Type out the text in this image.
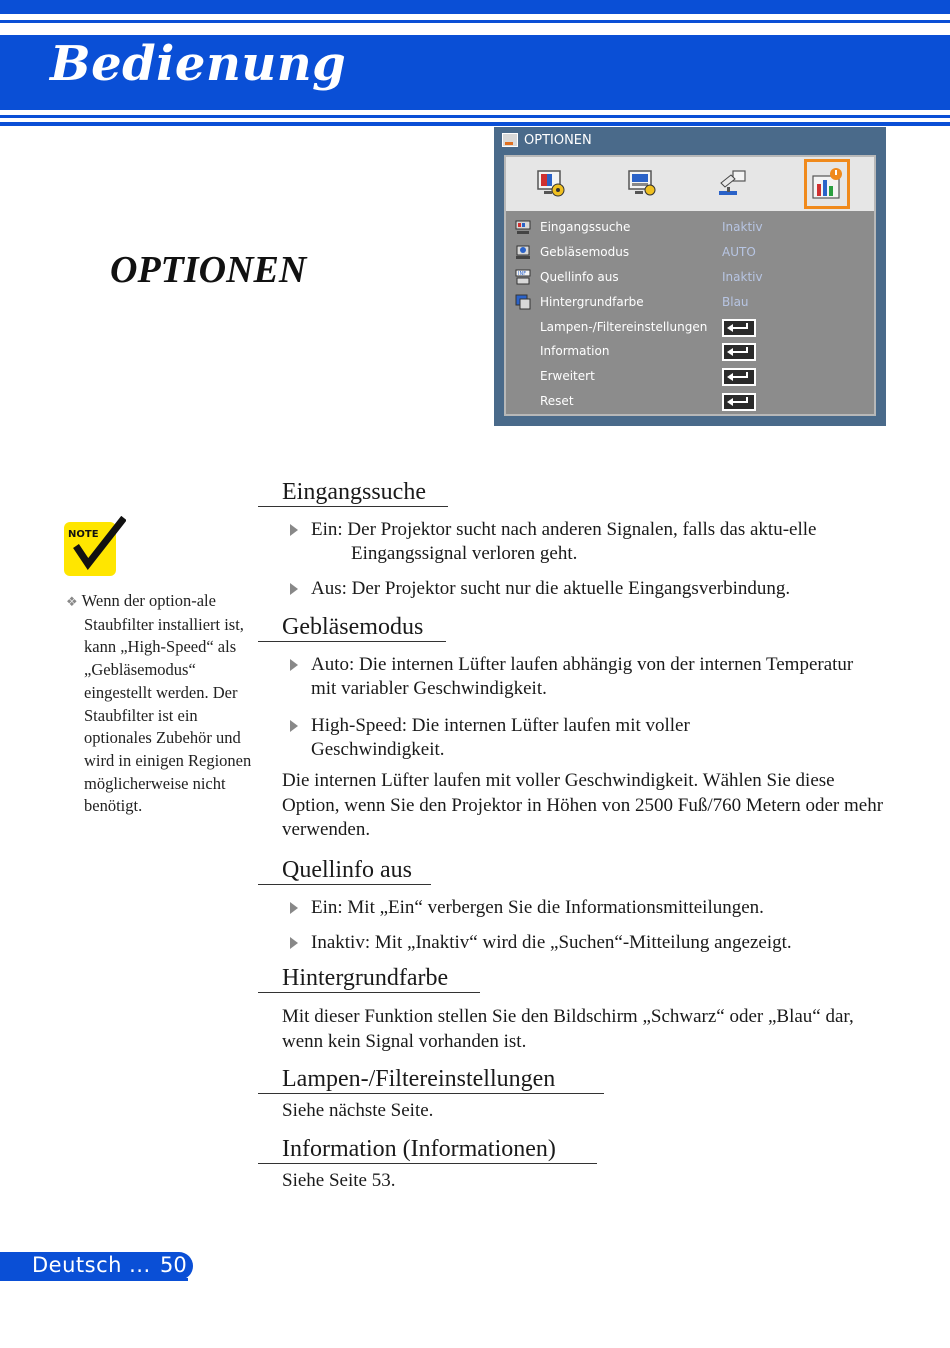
Bedienung
OPTIONEN
OPTIONEN
Eingangssuche	Inaktiv
Gebläsemodus	AUTO
INF Quellinfo aus	Inaktiv
Hintergrundfarbe	Blau
Lampen-/Filtereinstellungen
Information
Erweitert
Reset
NOTE
❖ Wenn der option-ale Staubfilter installiert ist, kann „High-Speed“ als „Gebläsemodus“ eingestellt werden. Der Staubfilter ist ein optionales Zubehör und wird in einigen Regionen möglicherweise nicht benötigt.
Eingangssuche
Ein: Der Projektor sucht nach anderen Signalen, falls das aktu-elle Eingangssignal verloren geht.
Aus: Der Projektor sucht nur die aktuelle Eingangsverbindung.
Gebläsemodus
Auto: Die internen Lüfter laufen abhängig von der internen Temperatur mit variabler Geschwindigkeit.
High-Speed: Die internen Lüfter laufen mit voller Geschwindigkeit.
Die internen Lüfter laufen mit voller Geschwindigkeit. Wählen Sie diese Option, wenn Sie den Projektor in Höhen von 2500 Fuß/760 Metern oder mehr verwenden.
Quellinfo aus
Ein: Mit „Ein“ verbergen Sie die Informationsmitteilungen.
Inaktiv: Mit „Inaktiv“ wird die „Suchen“-Mitteilung angezeigt.
Hintergrundfarbe
Mit dieser Funktion stellen Sie den Bildschirm „Schwarz“ oder „Blau“ dar, wenn kein Signal vorhanden ist.
Lampen-/Filtereinstellungen
Siehe nächste Seite.
Information (Informationen)
Siehe Seite 53.
Deutsch ... 50
